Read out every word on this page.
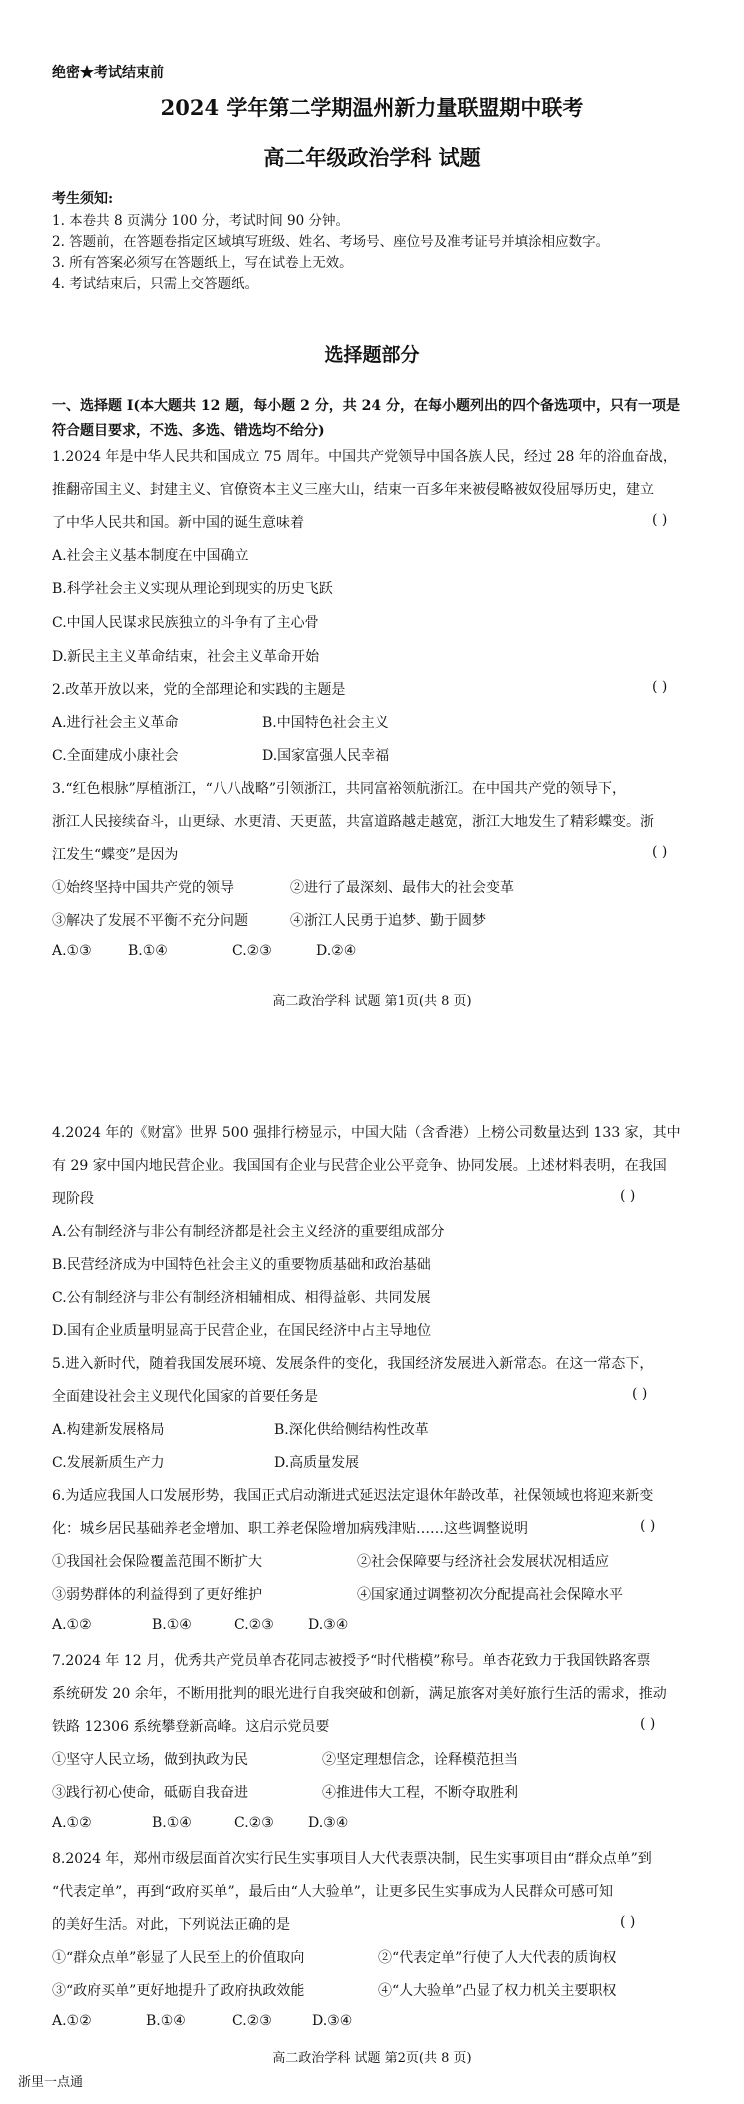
绝密★考试结束前
2024 学年第二学期温州新力量联盟期中联考
高二年级政治学科 试题
考生须知:
1. 本卷共 8 页满分 100 分，考试时间 90 分钟。
2. 答题前，在答题卷指定区域填写班级、姓名、考场号、座位号及准考证号并填涂相应数字。
3. 所有答案必须写在答题纸上，写在试卷上无效。
4. 考试结束后，只需上交答题纸。
选择题部分
一、选择题 I(本大题共 12 题，每小题 2 分，共 24 分，在每小题列出的四个备选项中，只有一项是
符合题目要求，不选、多选、错选均不给分)
1.2024 年是中华人民共和国成立 75 周年。中国共产党领导中国各族人民，经过 28 年的浴血奋战，
推翻帝国主义、封建主义、官僚资本主义三座大山，结束一百多年来被侵略被奴役屈辱历史，建立
了中华人民共和国。新中国的诞生意味着	( )
A.社会主义基本制度在中国确立
B.科学社会主义实现从理论到现实的历史飞跃
C.中国人民谋求民族独立的斗争有了主心骨
D.新民主主义革命结束，社会主义革命开始
2.改革开放以来，党的全部理论和实践的主题是	( )
A.进行社会主义革命	B.中国特色社会主义
C.全面建成小康社会	D.国家富强人民幸福
3.“红色根脉”厚植浙江，“八八战略”引领浙江，共同富裕领航浙江。在中国共产党的领导下，
浙江人民接续奋斗，山更绿、水更清、天更蓝，共富道路越走越宽，浙江大地发生了精彩蝶变。浙
江发生“蝶变”是因为	( )
①始终坚持中国共产党的领导	②进行了最深刻、最伟大的社会变革
③解决了发展不平衡不充分问题	④浙江人民勇于追梦、勤于圆梦
A.①③	B.①④	C.②③	D.②④
高二政治学科 试题 第1页(共 8 页)
4.2024 年的《财富》世界 500 强排行榜显示，中国大陆（含香港）上榜公司数量达到 133 家，其中
有 29 家中国内地民营企业。我国国有企业与民营企业公平竞争、协同发展。上述材料表明，在我国
现阶段	( )
A.公有制经济与非公有制经济都是社会主义经济的重要组成部分
B.民营经济成为中国特色社会主义的重要物质基础和政治基础
C.公有制经济与非公有制经济相辅相成、相得益彰、共同发展
D.国有企业质量明显高于民营企业，在国民经济中占主导地位
5.进入新时代，随着我国发展环境、发展条件的变化，我国经济发展进入新常态。在这一常态下，
全面建设社会主义现代化国家的首要任务是	( )
A.构建新发展格局	B.深化供给侧结构性改革
C.发展新质生产力	D.高质量发展
6.为适应我国人口发展形势，我国正式启动渐进式延迟法定退休年龄改革，社保领域也将迎来新变
化：城乡居民基础养老金增加、职工养老保险增加病残津贴……这些调整说明	( )
①我国社会保险覆盖范围不断扩大	②社会保障要与经济社会发展状况相适应
③弱势群体的利益得到了更好维护	④国家通过调整初次分配提高社会保障水平
A.①②	B.①④	C.②③ D.③④
7.2024 年 12 月，优秀共产党员单杏花同志被授予“时代楷模”称号。单杏花致力于我国铁路客票
系统研发 20 余年，不断用批判的眼光进行自我突破和创新，满足旅客对美好旅行生活的需求，推动
铁路 12306 系统攀登新高峰。这启示党员要	( )
①坚守人民立场，做到执政为民	②坚定理想信念，诠释模范担当
③践行初心使命，砥砺自我奋进	④推进伟大工程，不断夺取胜利
A.①②	B.①④	C.②③ D.③④
8.2024 年，郑州市级层面首次实行民生实事项目人大代表票决制，民生实事项目由“群众点单”到
“代表定单”，再到“政府买单”，最后由“人大验单”，让更多民生实事成为人民群众可感可知
的美好生活。对此，下列说法正确的是	( )
①“群众点单”彰显了人民至上的价值取向	②“代表定单”行使了人大代表的质询权
③“政府买单”更好地提升了政府执政效能	④“人大验单”凸显了权力机关主要职权
A.①②	B.①④	C.②③	D.③④
高二政治学科 试题 第2页(共 8 页)
浙里一点通
